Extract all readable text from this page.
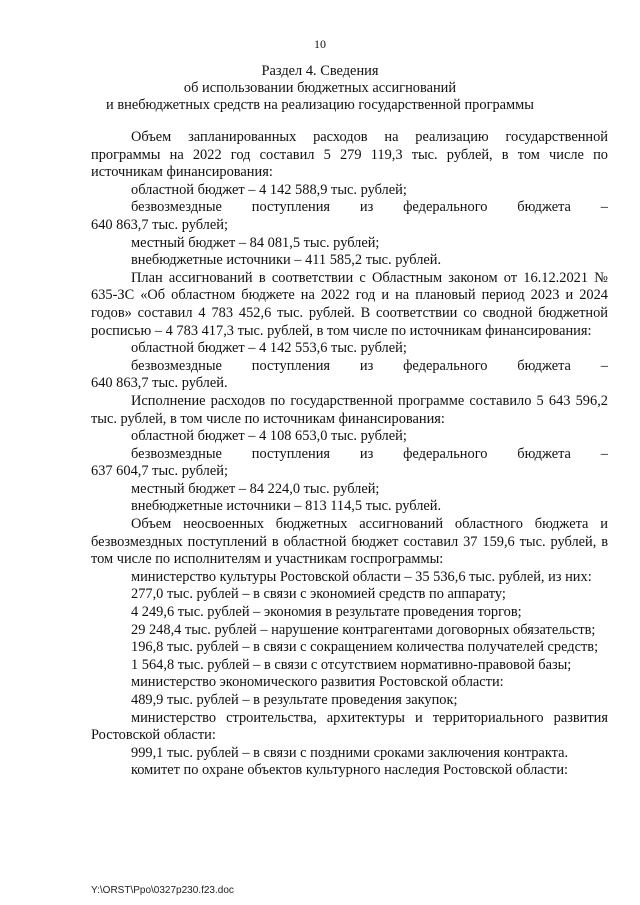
10
Раздел 4. Сведения
об использовании бюджетных ассигнований
и внебюджетных средств на реализацию государственной программы

Объем запланированных расходов на реализацию государственной программы на 2022 год составил 5 279 119,3 тыс. рублей, в том числе по источникам финансирования:

областной бюджет – 4 142 588,9 тыс. рублей;

безвозмездные поступления из федерального бюджета –

640 863,7 тыс. рублей;

местный бюджет – 84 081,5 тыс. рублей;

внебюджетные источники – 411 585,2 тыс. рублей.

План ассигнований в соответствии с Областным законом от 16.12.2021 № 635-ЗС «Об областном бюджете на 2022 год и на плановый период 2023 и 2024 годов» составил 4 783 452,6 тыс. рублей. В соответствии со сводной бюджетной росписью – 4 783 417,3 тыс. рублей, в том числе по источникам финансирования:

областной бюджет – 4 142 553,6 тыс. рублей;

безвозмездные поступления из федерального бюджета –

640 863,7 тыс. рублей.

Исполнение расходов по государственной программе составило 5 643 596,2 тыс. рублей, в том числе по источникам финансирования:

областной бюджет – 4 108 653,0 тыс. рублей;

безвозмездные поступления из федерального бюджета –

637 604,7 тыс. рублей;

местный бюджет – 84 224,0 тыс. рублей;

внебюджетные источники – 813 114,5 тыс. рублей.

Объем неосвоенных бюджетных ассигнований областного бюджета и безвозмездных поступлений в областной бюджет составил 37 159,6 тыс. рублей, в том числе по исполнителям и участникам госпрограммы:

министерство культуры Ростовской области – 35 536,6 тыс. рублей, из них:

277,0 тыс. рублей – в связи с экономией средств по аппарату;

4 249,6 тыс. рублей – экономия в результате проведения торгов;

29 248,4 тыс. рублей – нарушение контрагентами договорных обязательств;

196,8 тыс. рублей – в связи с сокращением количества получателей средств;

1 564,8 тыс. рублей – в связи с отсутствием нормативно-правовой базы;

министерство экономического развития Ростовской области:

489,9 тыс. рублей – в результате проведения закупок;

министерство строительства, архитектуры и территориального развития Ростовской области:

999,1 тыс. рублей – в связи с поздними сроками заключения контракта.

комитет по охране объектов культурного наследия Ростовской области:

Y:\ORST\Ppo\0327p230.f23.doc
